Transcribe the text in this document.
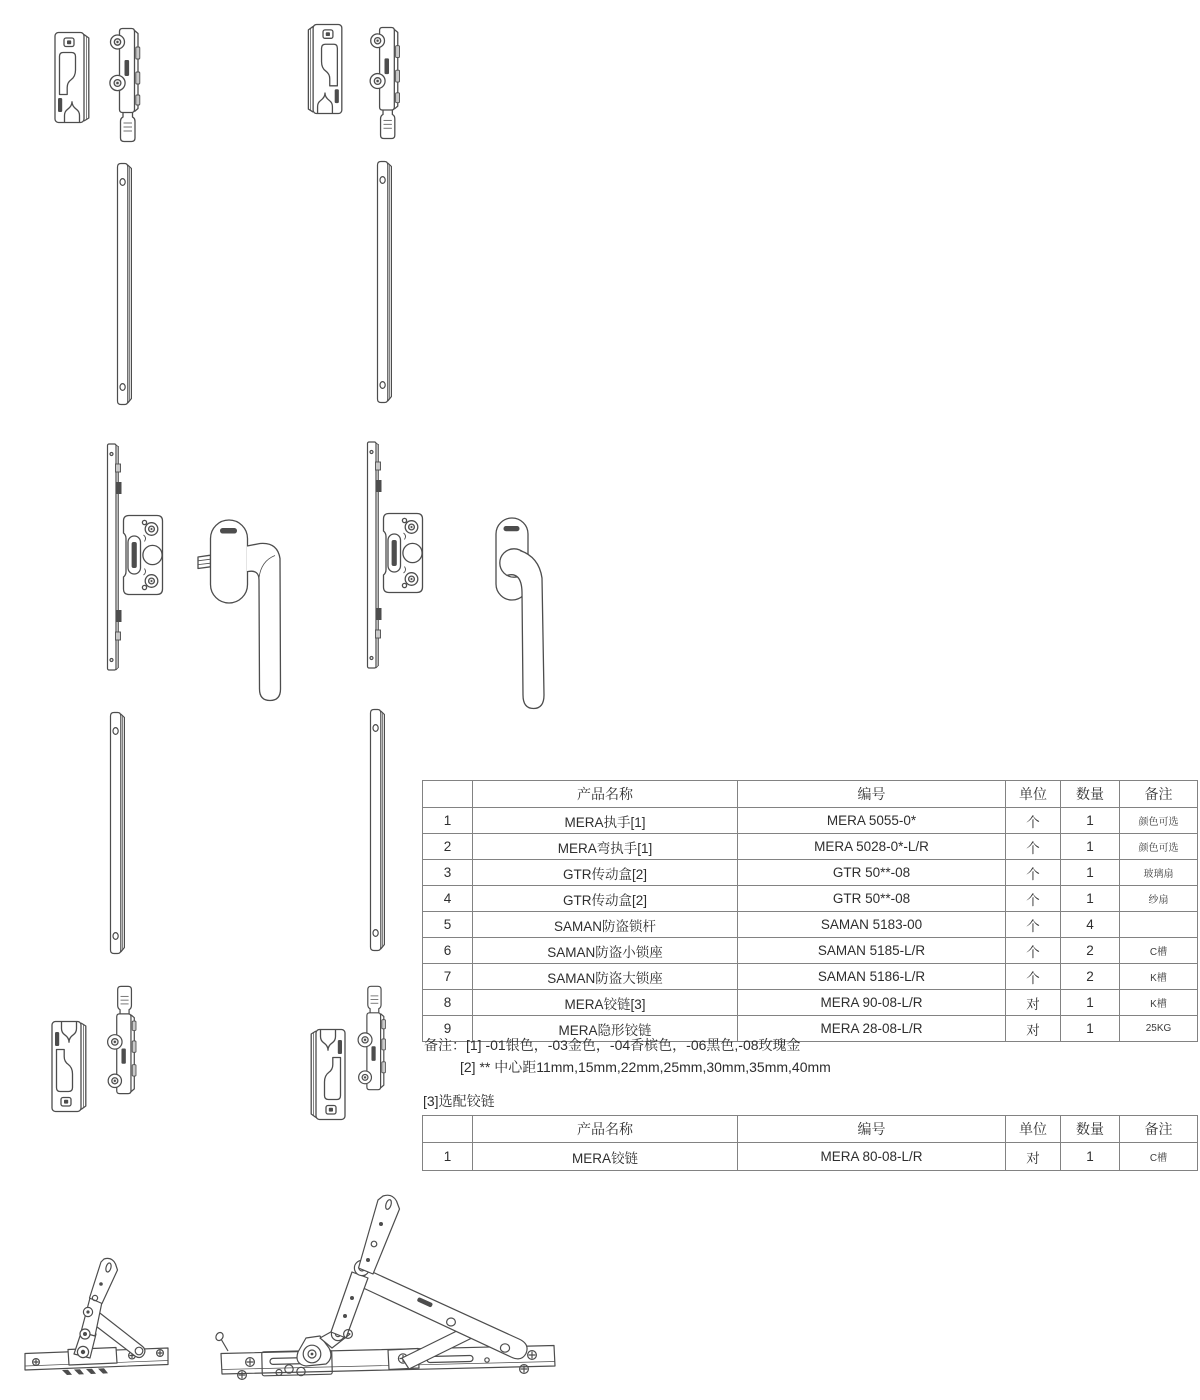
	产品名称	编号	单位	数量	备注
1	MERA执手[1]	MERA 5055-0*	个	1	颜色可选
2	MERA弯执手[1]	MERA 5028-0*-L/R	个	1	颜色可选
3	GTR传动盒[2]	GTR 50**-08	个	1	玻璃扇
4	GTR传动盒[2]	GTR 50**-08	个	1	纱扇
5	SAMAN防盗锁杆	SAMAN 5183-00	个	4	
6	SAMAN防盗小锁座	SAMAN 5185-L/R	个	2	C槽
7	SAMAN防盗大锁座	SAMAN 5186-L/R	个	2	K槽
8	MERA铰链[3]	MERA 90-08-L/R	对	1	K槽
9	MERA隐形铰链	MERA 28-08-L/R	对	1	25KG
备注： [1] -01银色，-03金色，-04香槟色，-06黑色,-08玫瑰金
[2] ** 中心距11mm,15mm,22mm,25mm,30mm,35mm,40mm
[3]选配铰链
	产品名称	编号	单位	数量	备注
1	MERA铰链	MERA 80-08-L/R	对	1	C槽
